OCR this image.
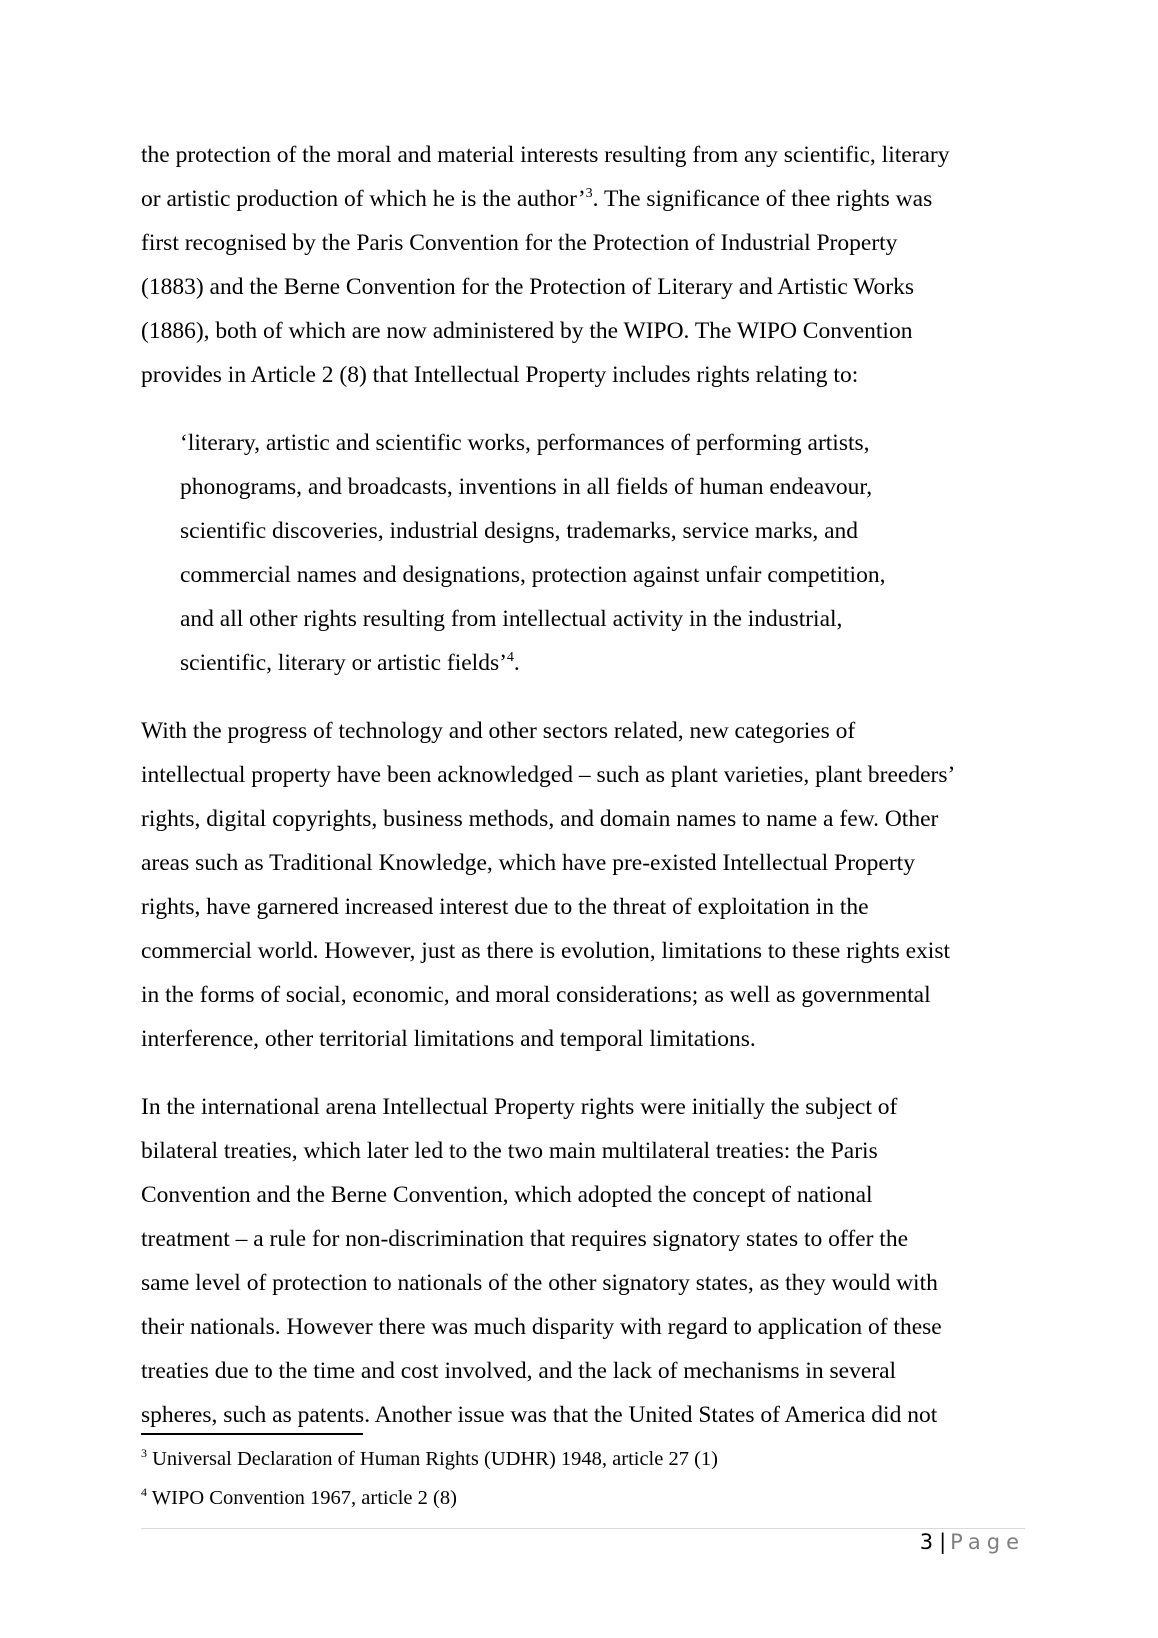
the protection of the moral and material interests resulting from any scientific, literary
or artistic production of which he is the author’$^3$. The significance of thee rights was
first recognised by the Paris Convention for the Protection of Industrial Property
(1883) and the Berne Convention for the Protection of Literary and Artistic Works
(1886), both of which are now administered by the WIPO. The WIPO Convention
provides in Article 2 (8) that Intellectual Property includes rights relating to:

‘literary, artistic and scientific works, performances of performing artists,
phonograms, and broadcasts, inventions in all fields of human endeavour,
scientific discoveries, industrial designs, trademarks, service marks, and
commercial names and designations, protection against unfair competition,
and all other rights resulting from intellectual activity in the industrial,
scientific, literary or artistic fields’$^4$.

With the progress of technology and other sectors related, new categories of
intellectual property have been acknowledged – such as plant varieties, plant breeders’
rights, digital copyrights, business methods, and domain names to name a few. Other
areas such as Traditional Knowledge, which have pre-existed Intellectual Property
rights, have garnered increased interest due to the threat of exploitation in the
commercial world. However, just as there is evolution, limitations to these rights exist
in the forms of social, economic, and moral considerations; as well as governmental
interference, other territorial limitations and temporal limitations.

In the international arena Intellectual Property rights were initially the subject of
bilateral treaties, which later led to the two main multilateral treaties: the Paris
Convention and the Berne Convention, which adopted the concept of national
treatment – a rule for non-discrimination that requires signatory states to offer the
same level of protection to nationals of the other signatory states, as they would with
their nationals. However there was much disparity with regard to application of these
treaties due to the time and cost involved, and the lack of mechanisms in several
spheres, such as patents. Another issue was that the United States of America did not

$^3$ Universal Declaration of Human Rights (UDHR) 1948, article 27 (1)
$^4$ WIPO Convention 1967, article 2 (8)
3 | Page
